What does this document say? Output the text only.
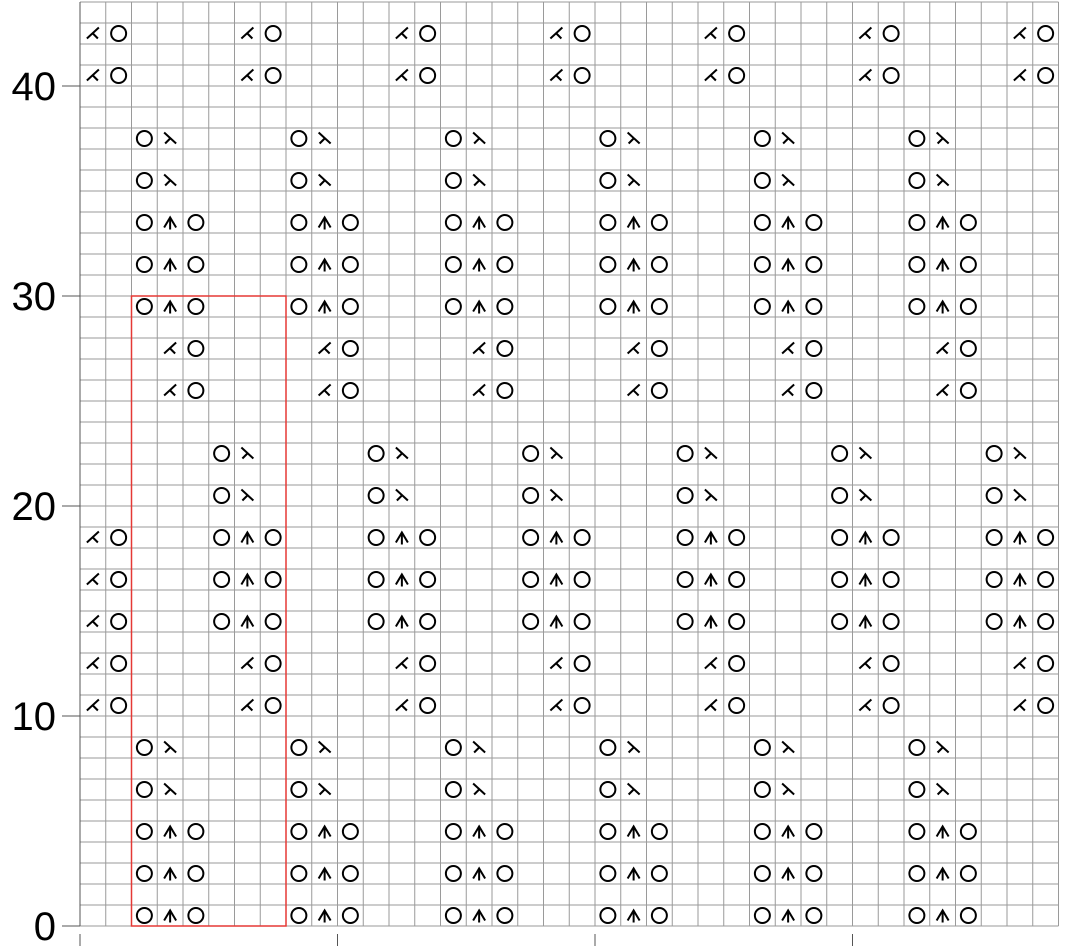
0
10
20
30
40
